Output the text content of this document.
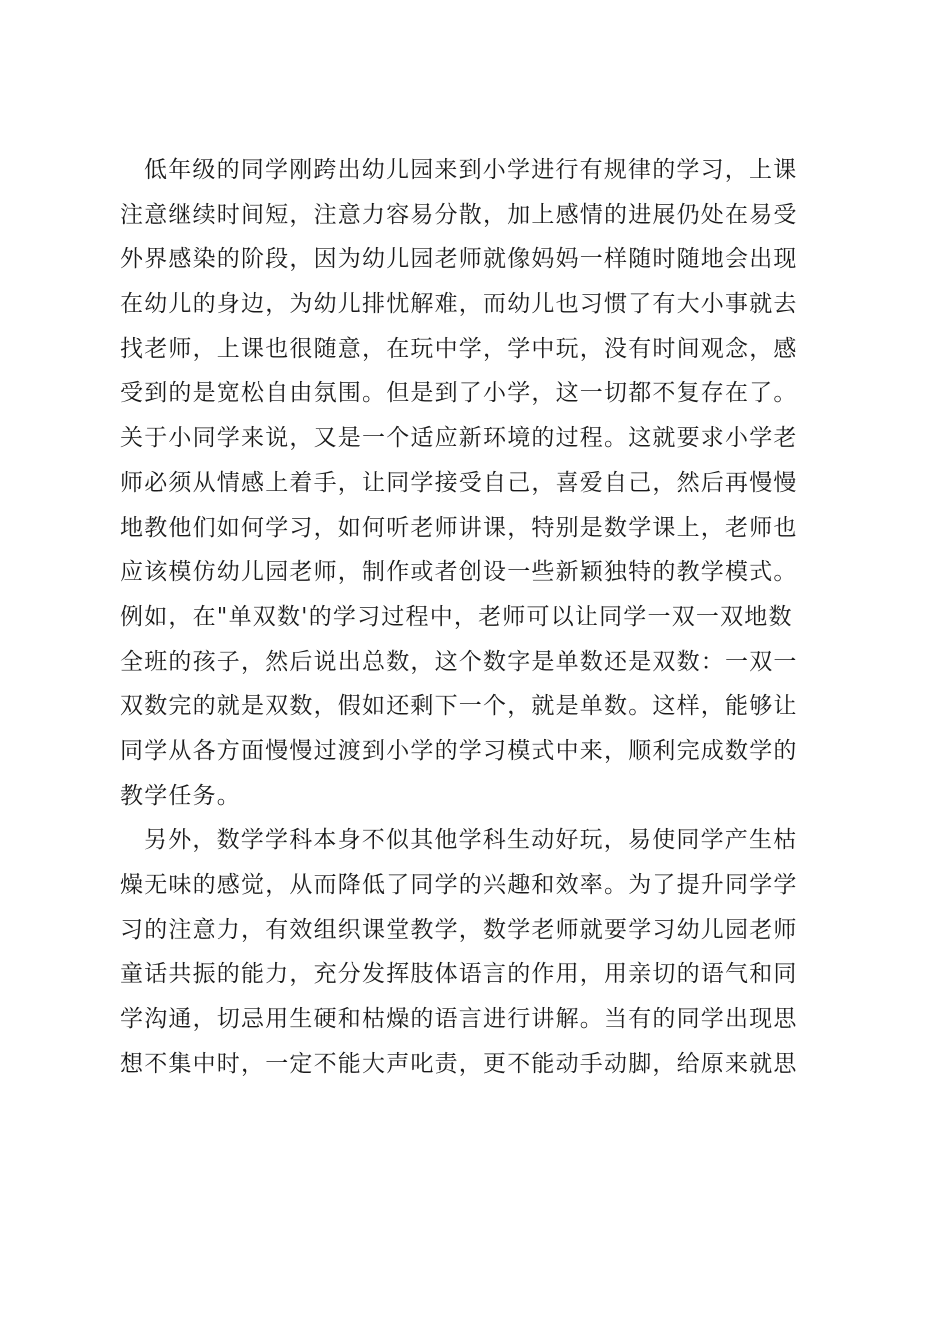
低年级的同学刚跨出幼儿园来到小学进行有规律的学习，上课
注意继续时间短，注意力容易分散，加上感情的进展仍处在易受
外界感染的阶段，因为幼儿园老师就像妈妈一样随时随地会出现
在幼儿的身边，为幼儿排忧解难，而幼儿也习惯了有大小事就去
找老师，上课也很随意，在玩中学，学中玩，没有时间观念，感
受到的是宽松自由氛围。但是到了小学，这一切都不复存在了。
关于小同学来说，又是一个适应新环境的过程。这就要求小学老
师必须从情感上着手，让同学接受自己，喜爱自己，然后再慢慢
地教他们如何学习，如何听老师讲课，特别是数学课上，老师也
应该模仿幼儿园老师，制作或者创设一些新颖独特的教学模式。
例如，在"单双数'的学习过程中，老师可以让同学一双一双地数
全班的孩子，然后说出总数，这个数字是单数还是双数：一双一
双数完的就是双数，假如还剩下一个，就是单数。这样，能够让
同学从各方面慢慢过渡到小学的学习模式中来，顺利完成数学的
教学任务。
另外，数学学科本身不似其他学科生动好玩，易使同学产生枯
燥无味的感觉，从而降低了同学的兴趣和效率。为了提升同学学
习的注意力，有效组织课堂教学，数学老师就要学习幼儿园老师
童话共振的能力，充分发挥肢体语言的作用，用亲切的语气和同
学沟通，切忌用生硬和枯燥的语言进行讲解。当有的同学出现思
想不集中时，一定不能大声叱责，更不能动手动脚，给原来就思
